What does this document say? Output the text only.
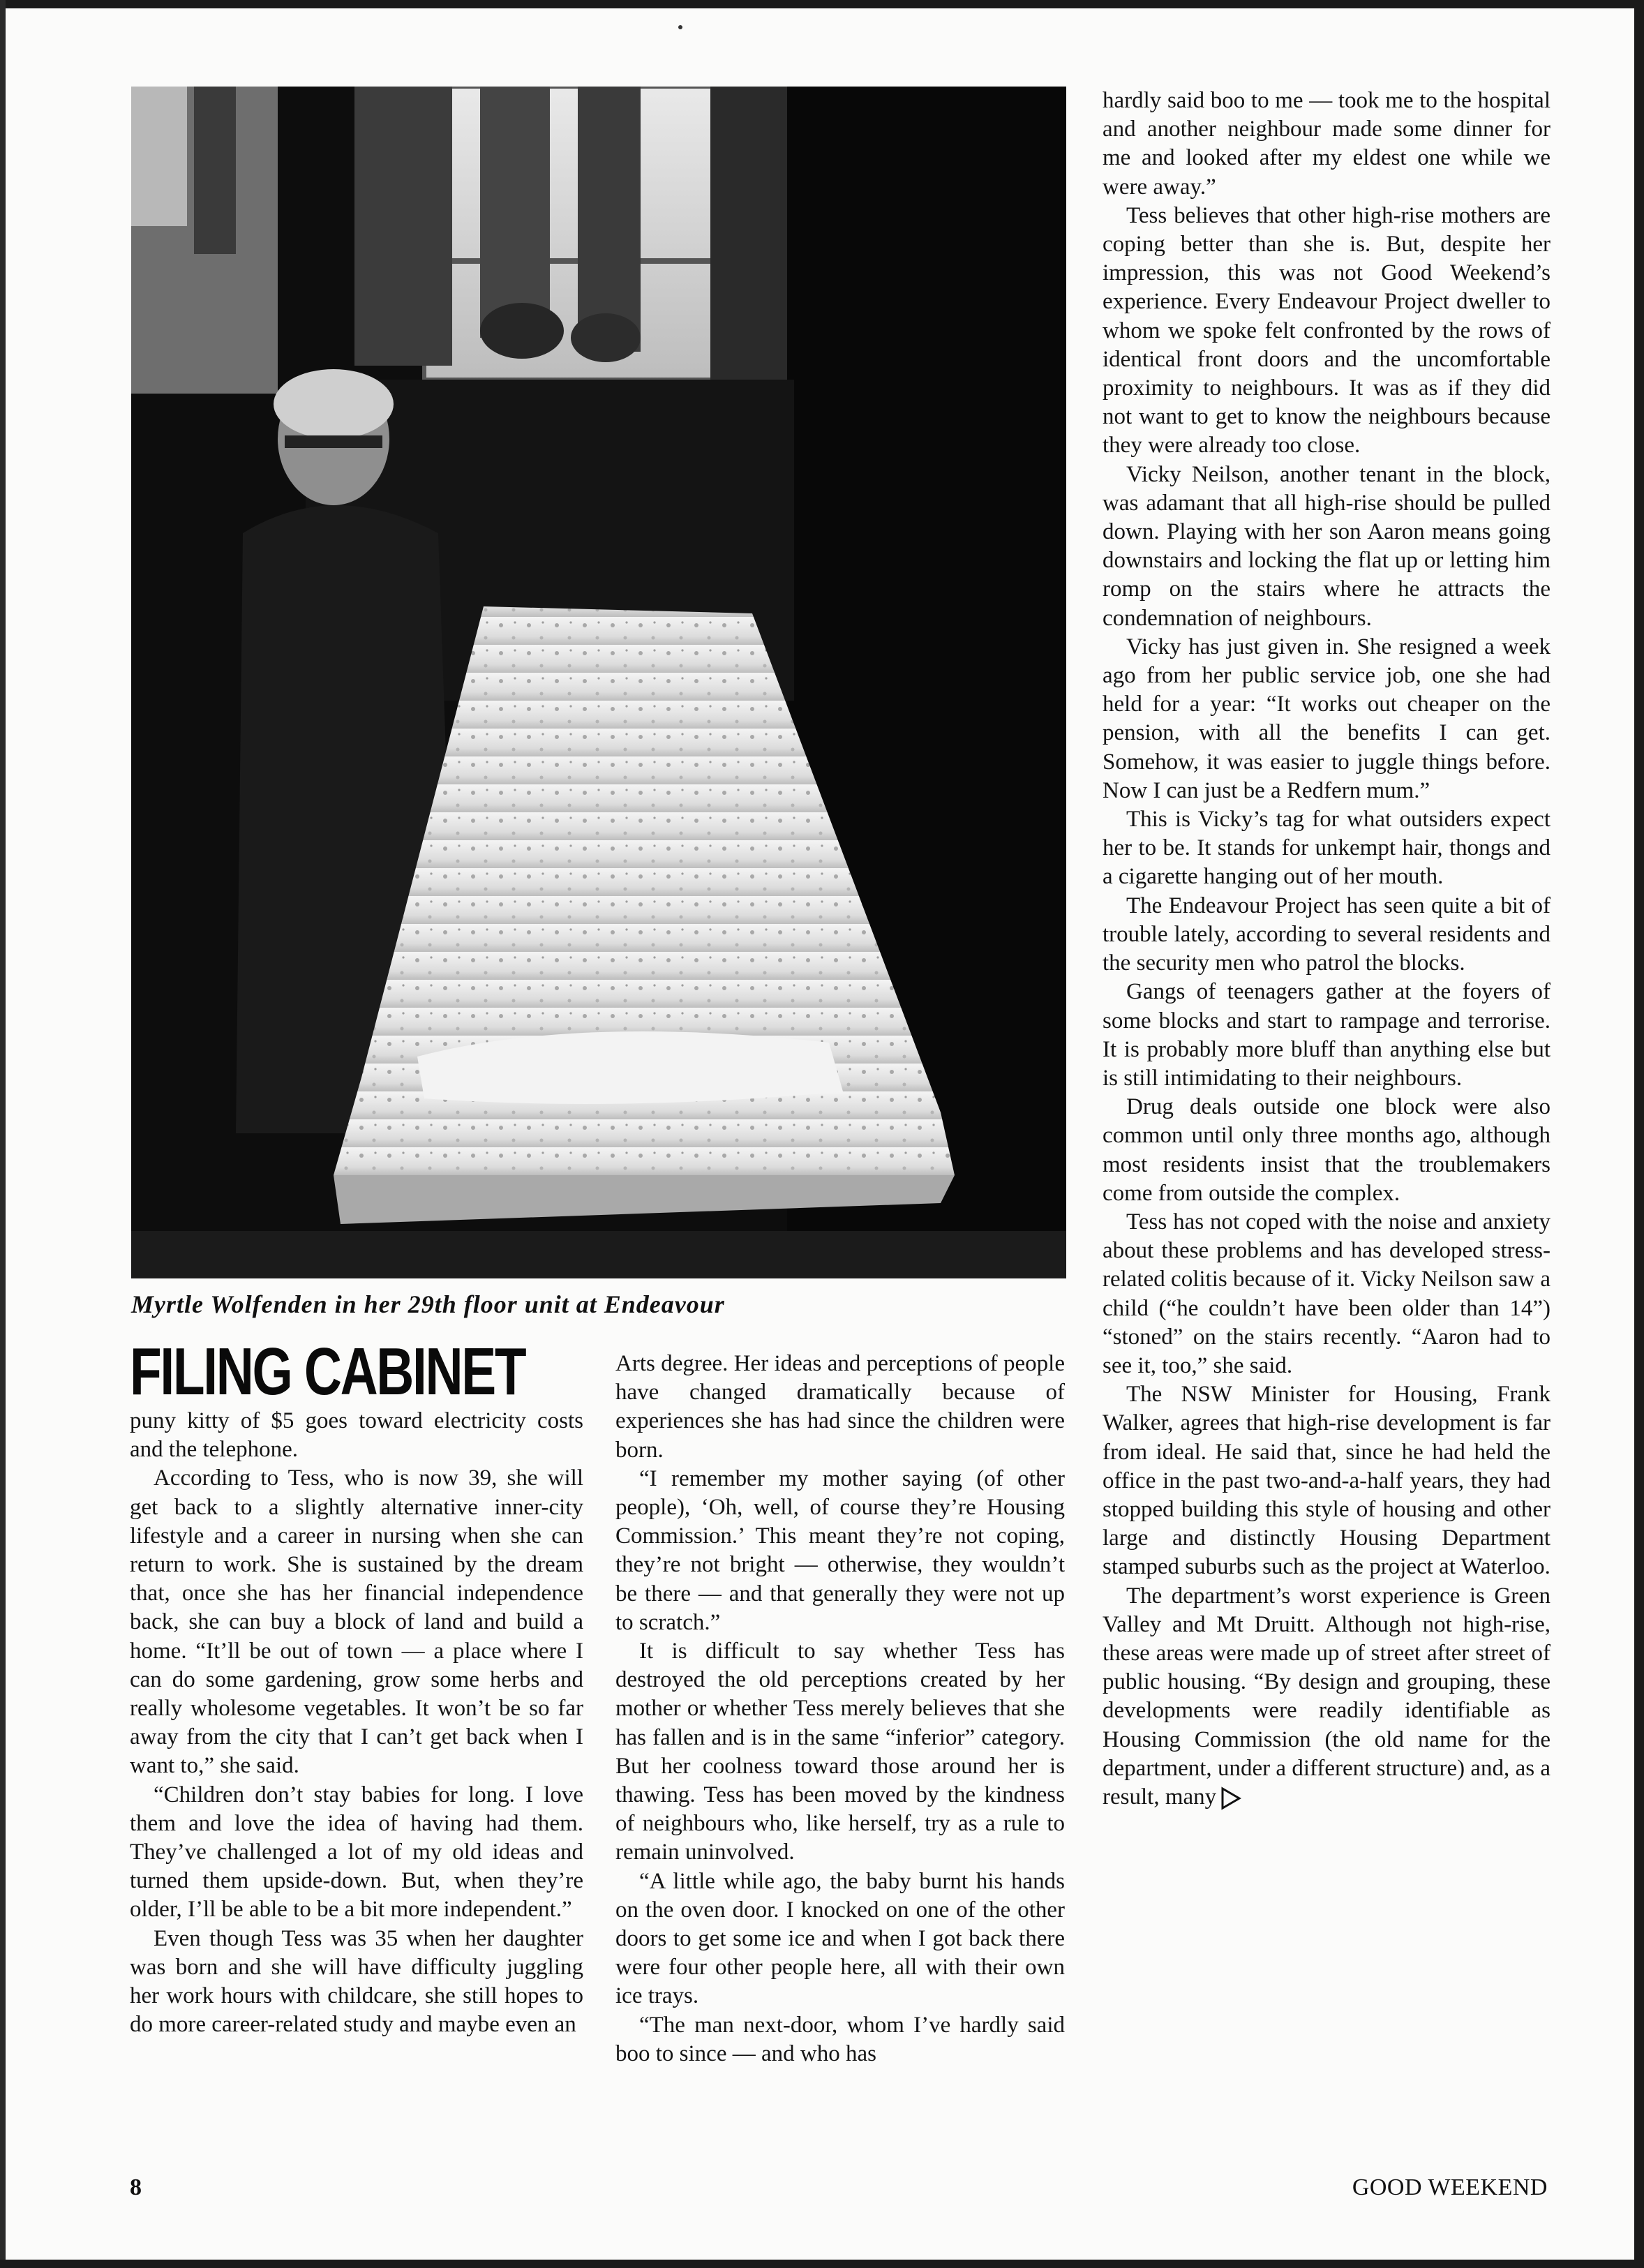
Myrtle Wolfenden in her 29th floor unit at Endeavour
FILING CABINET

puny kitty of $5 goes toward electricity costs and the telephone.

According to Tess, who is now 39, she will get back to a slightly alternative inner-city lifestyle and a career in nursing when she can return to work. She is sustained by the dream that, once she has her financial independence back, she can buy a block of land and build a home. “It’ll be out of town — a place where I can do some gardening, grow some herbs and really wholesome vegetables. It won’t be so far away from the city that I can’t get back when I want to,” she said.

“Children don’t stay babies for long. I love them and love the idea of having had them. They’ve challenged a lot of my old ideas and turned them upside-down. But, when they’re older, I’ll be able to be a bit more independent.”

Even though Tess was 35 when her daughter was born and she will have difficulty juggling her work hours with childcare, she still hopes to do more career-related study and maybe even an

Arts degree. Her ideas and perceptions of people have changed dramatically because of experiences she has had since the children were born.

“I remember my mother saying (of other people), ‘Oh, well, of course they’re Housing Commission.’ This meant they’re not coping, they’re not bright — otherwise, they wouldn’t be there — and that generally they were not up to scratch.”

It is difficult to say whether Tess has destroyed the old perceptions created by her mother or whether Tess merely believes that she has fallen and is in the same “inferior” category. But her coolness toward those around her is thawing. Tess has been moved by the kindness of neighbours who, like herself, try as a rule to remain uninvolved.

“A little while ago, the baby burnt his hands on the oven door. I knocked on one of the other doors to get some ice and when I got back there were four other people here, all with their own ice trays.

“The man next-door, whom I’ve hardly said boo to since — and who has

hardly said boo to me — took me to the hospital and another neighbour made some dinner for me and looked after my eldest one while we were away.”

Tess believes that other high-rise mothers are coping better than she is. But, despite her impression, this was not Good Weekend’s experience. Every Endeavour Project dweller to whom we spoke felt confronted by the rows of identical front doors and the uncomfortable proximity to neighbours. It was as if they did not want to get to know the neighbours because they were already too close.

Vicky Neilson, another tenant in the block, was adamant that all high-rise should be pulled down. Playing with her son Aaron means going downstairs and locking the flat up or letting him romp on the stairs where he attracts the condemnation of neighbours.

Vicky has just given in. She resigned a week ago from her public service job, one she had held for a year: “It works out cheaper on the pension, with all the benefits I can get. Somehow, it was easier to juggle things before. Now I can just be a Redfern mum.”

This is Vicky’s tag for what outsiders expect her to be. It stands for unkempt hair, thongs and a cigarette hanging out of her mouth.

The Endeavour Project has seen quite a bit of trouble lately, according to several residents and the security men who patrol the blocks.

Gangs of teenagers gather at the foyers of some blocks and start to rampage and terrorise. It is probably more bluff than anything else but is still intimidating to their neighbours.

Drug deals outside one block were also common until only three months ago, although most residents insist that the troublemakers come from outside the complex.

Tess has not coped with the noise and anxiety about these problems and has developed stress-related colitis because of it. Vicky Neilson saw a child (“he couldn’t have been older than 14”) “stoned” on the stairs recently. “Aaron had to see it, too,” she said.

The NSW Minister for Housing, Frank Walker, agrees that high-rise development is far from ideal. He said that, since he had held the office in the past two-and-a-half years, they had stopped building this style of housing and other large and distinctly Housing Department stamped suburbs such as the project at Waterloo.

The department’s worst experience is Green Valley and Mt Druitt. Although not high-rise, these areas were made up of street after street of public housing. “By design and grouping, these developments were readily identifiable as Housing Commission (the old name for the department, under a different structure) and, as a result, many

8	GOOD WEEKEND
